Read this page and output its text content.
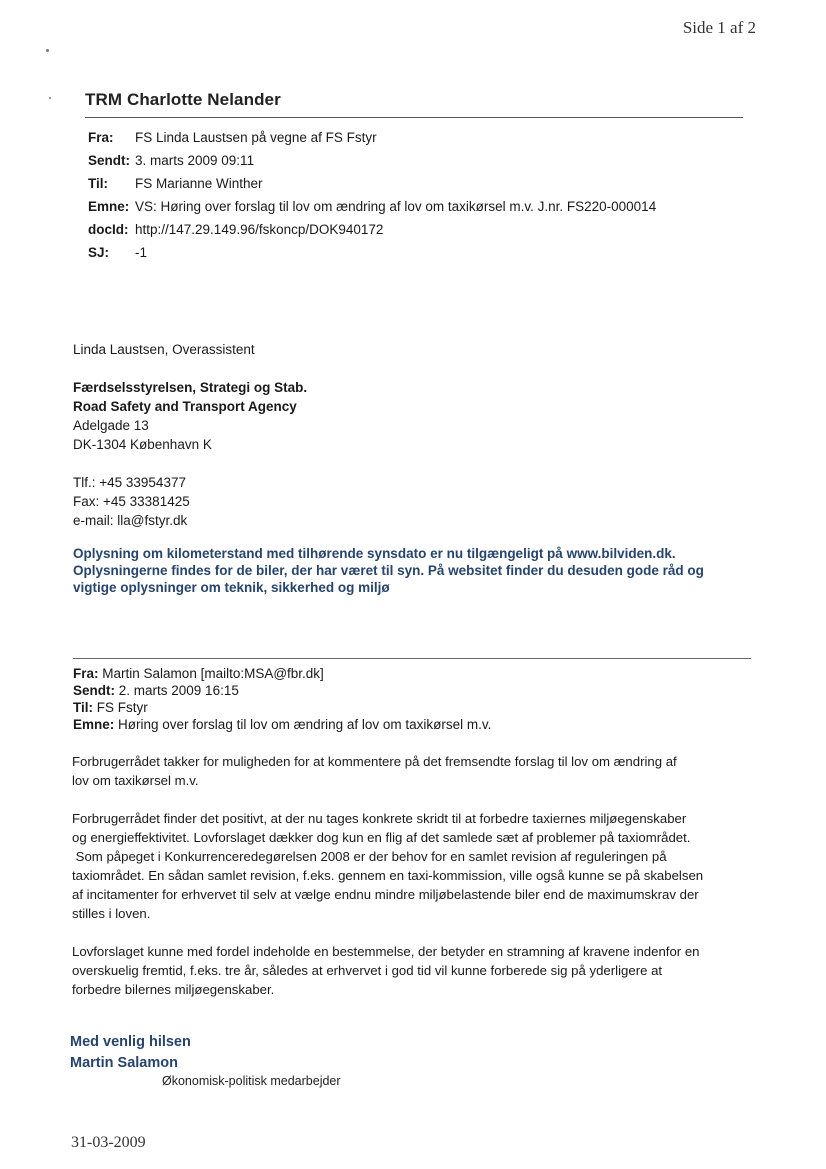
Side 1 af 2
TRM Charlotte Nelander
Fra:	FS Linda Laustsen på vegne af FS Fstyr
Sendt: 3. marts 2009 09:11
Til:	FS Marianne Winther
Emne: VS: Høring over forslag til lov om ændring af lov om taxikørsel m.v. J.nr. FS220-000014
docId: http://147.29.149.96/fskoncp/DOK940172
SJ:	-1
Linda Laustsen, Overassistent
Færdselsstyrelsen, Strategi og Stab.
Road Safety and Transport Agency
Adelgade 13
DK-1304 København K
Tlf.: +45 33954377
Fax: +45 33381425
e-mail: lla@fstyr.dk
Oplysning om kilometerstand med tilhørende synsdato er nu tilgængeligt på www.bilviden.dk.
Oplysningerne findes for de biler, der har været til syn. På websitet finder du desuden gode råd og
vigtige oplysninger om teknik, sikkerhed og miljø
Fra: Martin Salamon [mailto:MSA@fbr.dk]
Sendt: 2. marts 2009 16:15
Til: FS Fstyr
Emne: Høring over forslag til lov om ændring af lov om taxikørsel m.v.

Forbrugerrådet takker for muligheden for at kommentere på det fremsendte forslag til lov om ændring af
lov om taxikørsel m.v.

Forbrugerrådet finder det positivt, at der nu tages konkrete skridt til at forbedre taxiernes miljøegenskaber
og energieffektivitet. Lovforslaget dækker dog kun en flig af det samlede sæt af problemer på taxiområdet.
Som påpeget i Konkurrenceredegørelsen 2008 er der behov for en samlet revision af reguleringen på
taxiområdet. En sådan samlet revision, f.eks. gennem en taxi-kommission, ville også kunne se på skabelsen
af incitamenter for erhvervet til selv at vælge endnu mindre miljøbelastende biler end de maximumskrav der
stilles i loven.

Lovforslaget kunne med fordel indeholde en bestemmelse, der betyder en stramning af kravene indenfor en
overskuelig fremtid, f.eks. tre år, således at erhvervet i god tid vil kunne forberede sig på yderligere at
forbedre bilernes miljøegenskaber.

Med venlig hilsen
Martin Salamon
Økonomisk-politisk medarbejder
31-03-2009
